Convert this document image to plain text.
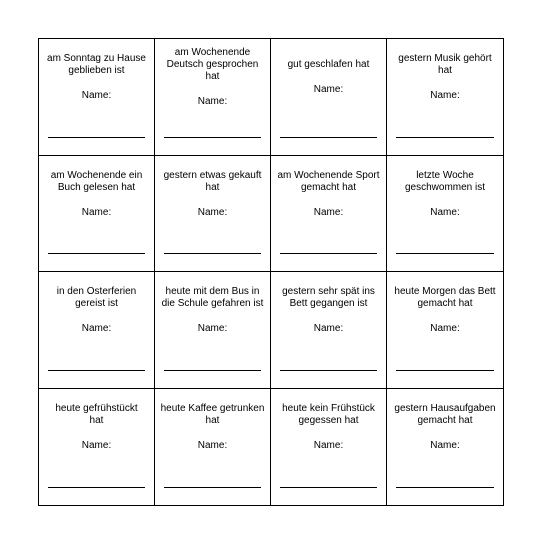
am Sonntag zu Hause
geblieben ist
Name:
am Wochenende
Deutsch gesprochen
hat
Name:
gut geschlafen hat
Name:
gestern Musik gehört
hat
Name:
am Wochenende ein
Buch gelesen hat
Name:
gestern etwas gekauft
hat
Name:
am Wochenende Sport
gemacht hat
Name:
letzte Woche
geschwommen ist
Name:
in den Osterferien
gereist ist
Name:
heute mit dem Bus in
die Schule gefahren ist
Name:
gestern sehr spät ins
Bett gegangen ist
Name:
heute Morgen das Bett
gemacht hat
Name:
heute gefrühstückt
hat
Name:
heute Kaffee getrunken
hat
Name:
heute kein Frühstück
gegessen hat
Name:
gestern Hausaufgaben
gemacht hat
Name:
